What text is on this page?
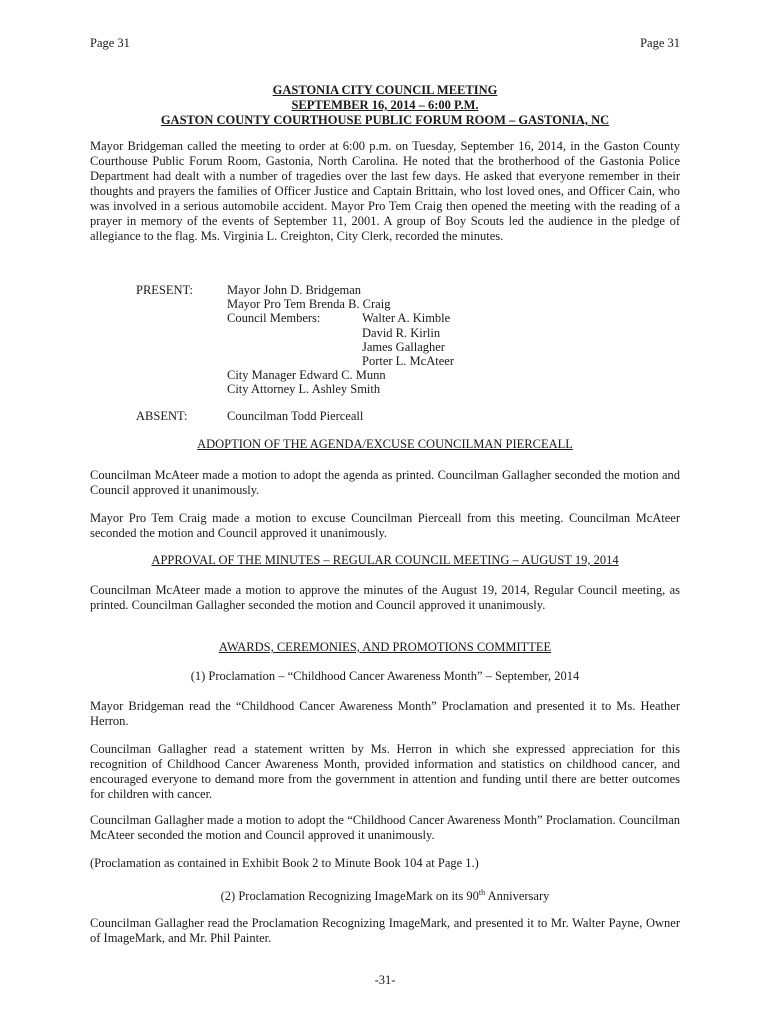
Page 31	Page 31
GASTONIA CITY COUNCIL MEETING
SEPTEMBER 16, 2014 – 6:00 P.M.
GASTON COUNTY COURTHOUSE PUBLIC FORUM ROOM – GASTONIA, NC
Mayor Bridgeman called the meeting to order at 6:00 p.m. on Tuesday, September 16, 2014, in the Gaston County Courthouse Public Forum Room, Gastonia, North Carolina. He noted that the brotherhood of the Gastonia Police Department had dealt with a number of tragedies over the last few days. He asked that everyone remember in their thoughts and prayers the families of Officer Justice and Captain Brittain, who lost loved ones, and Officer Cain, who was involved in a serious automobile accident. Mayor Pro Tem Craig then opened the meeting with the reading of a prayer in memory of the events of September 11, 2001. A group of Boy Scouts led the audience in the pledge of allegiance to the flag. Ms. Virginia L. Creighton, City Clerk, recorded the minutes.
PRESENT:	Mayor John D. Bridgeman
Mayor Pro Tem Brenda B. Craig
Council Members:	Walter A. Kimble
David R. Kirlin
James Gallagher
Porter L. McAteer
City Manager Edward C. Munn
City Attorney L. Ashley Smith
ABSENT:	Councilman Todd Pierceall
ADOPTION OF THE AGENDA/EXCUSE COUNCILMAN PIERCEALL
Councilman McAteer made a motion to adopt the agenda as printed. Councilman Gallagher seconded the motion and Council approved it unanimously.
Mayor Pro Tem Craig made a motion to excuse Councilman Pierceall from this meeting. Councilman McAteer seconded the motion and Council approved it unanimously.
APPROVAL OF THE MINUTES – REGULAR COUNCIL MEETING – AUGUST 19, 2014
Councilman McAteer made a motion to approve the minutes of the August 19, 2014, Regular Council meeting, as printed. Councilman Gallagher seconded the motion and Council approved it unanimously.
AWARDS, CEREMONIES, AND PROMOTIONS COMMITTEE
(1) Proclamation – “Childhood Cancer Awareness Month” – September, 2014
Mayor Bridgeman read the “Childhood Cancer Awareness Month” Proclamation and presented it to Ms. Heather Herron.
Councilman Gallagher read a statement written by Ms. Herron in which she expressed appreciation for this recognition of Childhood Cancer Awareness Month, provided information and statistics on childhood cancer, and encouraged everyone to demand more from the government in attention and funding until there are better outcomes for children with cancer.
Councilman Gallagher made a motion to adopt the “Childhood Cancer Awareness Month” Proclamation. Councilman McAteer seconded the motion and Council approved it unanimously.
(Proclamation as contained in Exhibit Book 2 to Minute Book 104 at Page 1.)
(2) Proclamation Recognizing ImageMark on its 90th Anniversary
Councilman Gallagher read the Proclamation Recognizing ImageMark, and presented it to Mr. Walter Payne, Owner of ImageMark, and Mr. Phil Painter.
-31-
